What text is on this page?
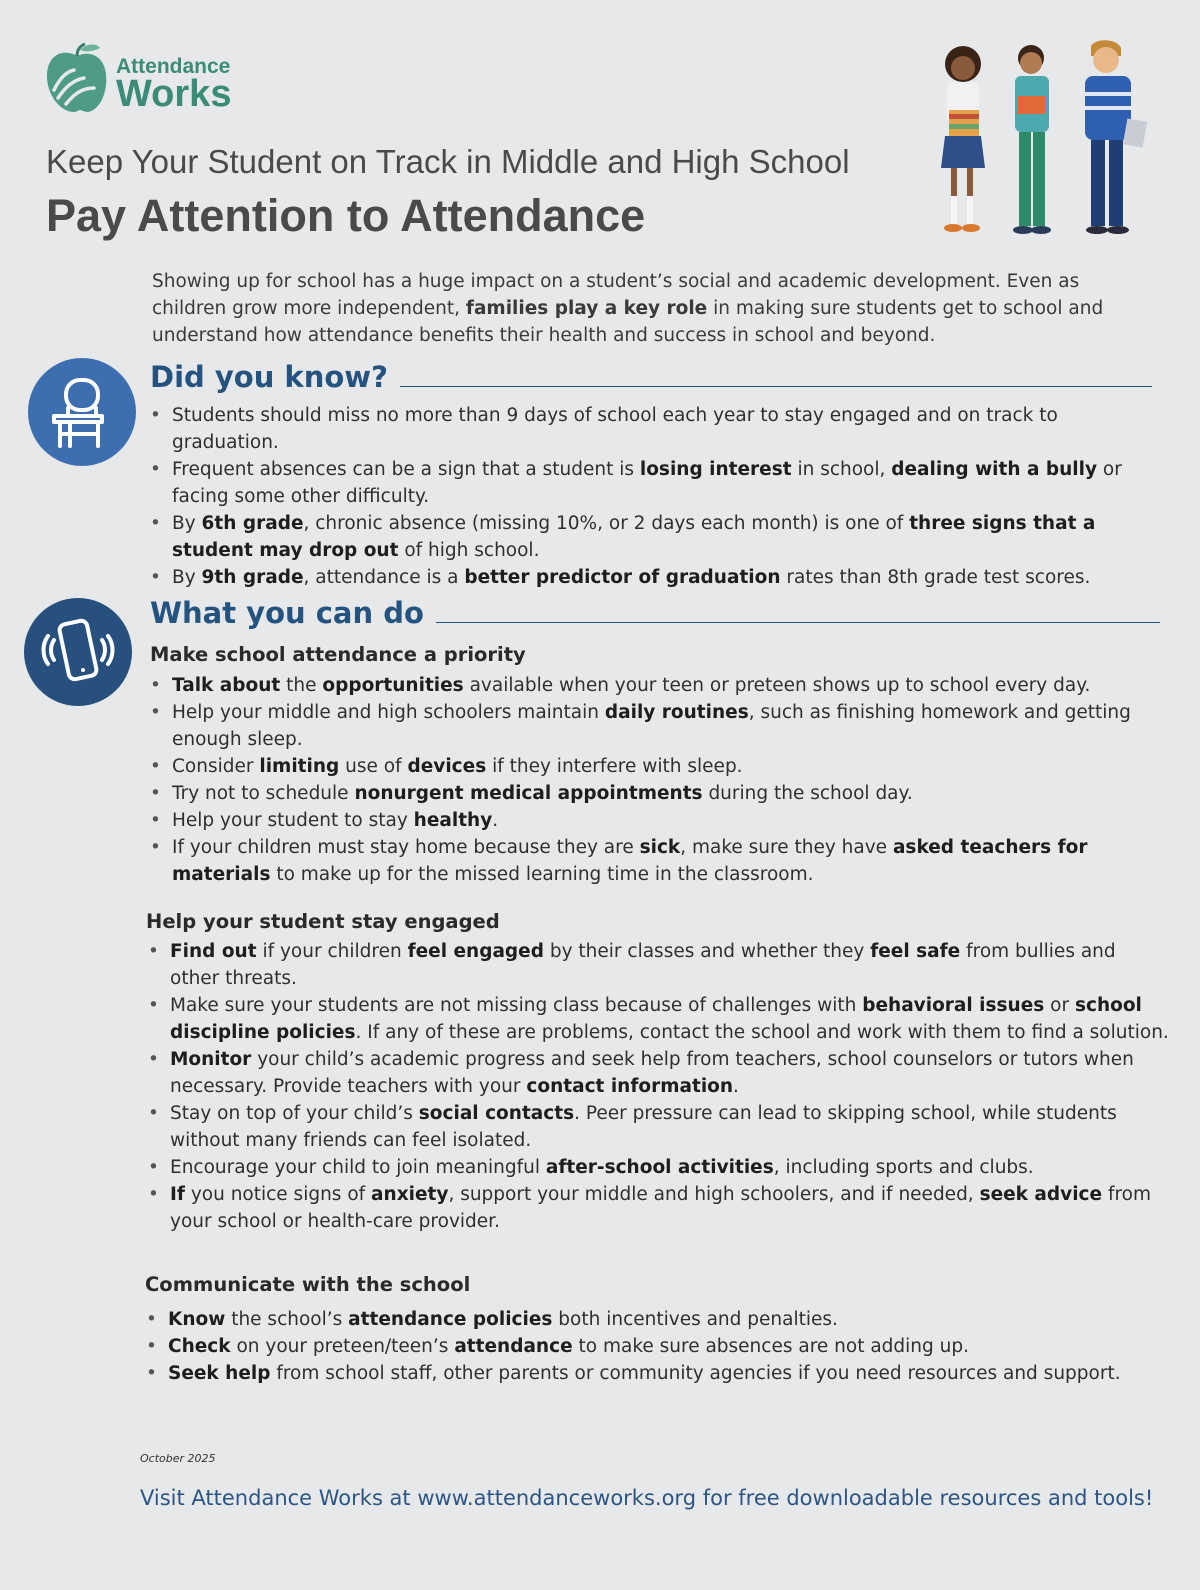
Attendance
Works
Keep Your Student on Track in Middle and High School
Pay Attention to Attendance

Showing up for school has a huge impact on a student’s social and academic development. Even as children grow more independent, families play a key role in making sure students get to school and understand how attendance benefits their health and success in school and beyond.

Did you know?
• Students should miss no more than 9 days of school each year to stay engaged and on track to graduation.
• Frequent absences can be a sign that a student is losing interest in school, dealing with a bully or facing some other difficulty.
• By 6th grade, chronic absence (missing 10%, or 2 days each month) is one of three signs that a student may drop out of high school.
• By 9th grade, attendance is a better predictor of graduation rates than 8th grade test scores.
What you can do
Make school attendance a priority
• Talk about the opportunities available when your teen or preteen shows up to school every day.
• Help your middle and high schoolers maintain daily routines, such as finishing homework and getting enough sleep.
• Consider limiting use of devices if they interfere with sleep.
• Try not to schedule nonurgent medical appointments during the school day.
• Help your student to stay healthy.
• If your children must stay home because they are sick, make sure they have asked teachers for materials to make up for the missed learning time in the classroom.
Help your student stay engaged
• Find out if your children feel engaged by their classes and whether they feel safe from bullies and other threats.
• Make sure your students are not missing class because of challenges with behavioral issues or school discipline policies. If any of these are problems, contact the school and work with them to find a solution.
• Monitor your child’s academic progress and seek help from teachers, school counselors or tutors when necessary. Provide teachers with your contact information.
• Stay on top of your child’s social contacts. Peer pressure can lead to skipping school, while students without many friends can feel isolated.
• Encourage your child to join meaningful after-school activities, including sports and clubs.
• If you notice signs of anxiety, support your middle and high schoolers, and if needed, seek advice from your school or health-care provider.
Communicate with the school
• Know the school’s attendance policies both incentives and penalties.
• Check on your preteen/teen’s attendance to make sure absences are not adding up.
• Seek help from school staff, other parents or community agencies if you need resources and support.
October 2025
Visit Attendance Works at www.attendanceworks.org for free downloadable resources and tools!
